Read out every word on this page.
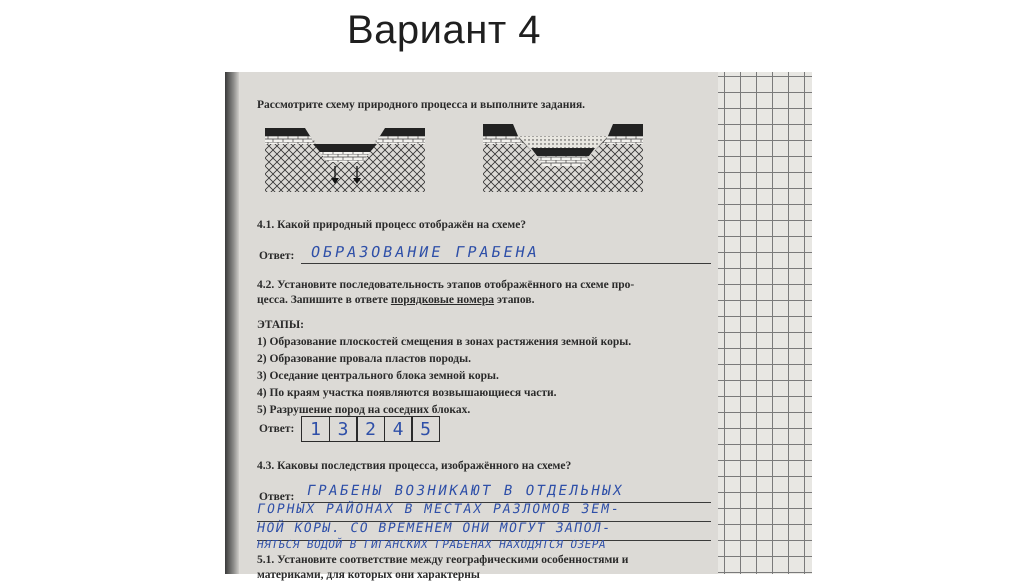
Вариант 4
Рассмотрите схему природного процесса и выполните задания.
4.1. Какой природный процесс отображён на схеме?
Ответ: ОБРАЗОВАНИЕ ГРАБЕНА
4.2. Установите последовательность этапов отображённого на схеме про-
цесса. Запишите в ответе порядковые номера этапов.
ЭТАПЫ:
1) Образование плоскостей смещения в зонах растяжения земной коры.
2) Образование провала пластов породы.
3) Оседание центрального блока земной коры.
4) По краям участка появляются возвышающиеся части.
5) Разрушение пород на соседних блоках.
Ответ: 1 3 2 4 5
4.3. Каковы последствия процесса, изображённого на схеме?
Ответ: ГРАБЕНЫ ВОЗНИКАЮТ В ОТДЕЛЬНЫХ
ГОРНЫХ РАЙОНАХ В МЕСТАХ РАЗЛОМОВ ЗЕМ-
НОЙ КОРЫ. СО ВРЕМЕНЕМ ОНИ МОГУТ ЗАПОЛ-
НЯТЬСЯ ВОДОЙ В ГИГАНСКИХ ГРАБЕНАХ НАХОДЯТСЯ ОЗЕРА
5.1. Установите соответствие между географическими особенностями и
материками, для которых они характерны
